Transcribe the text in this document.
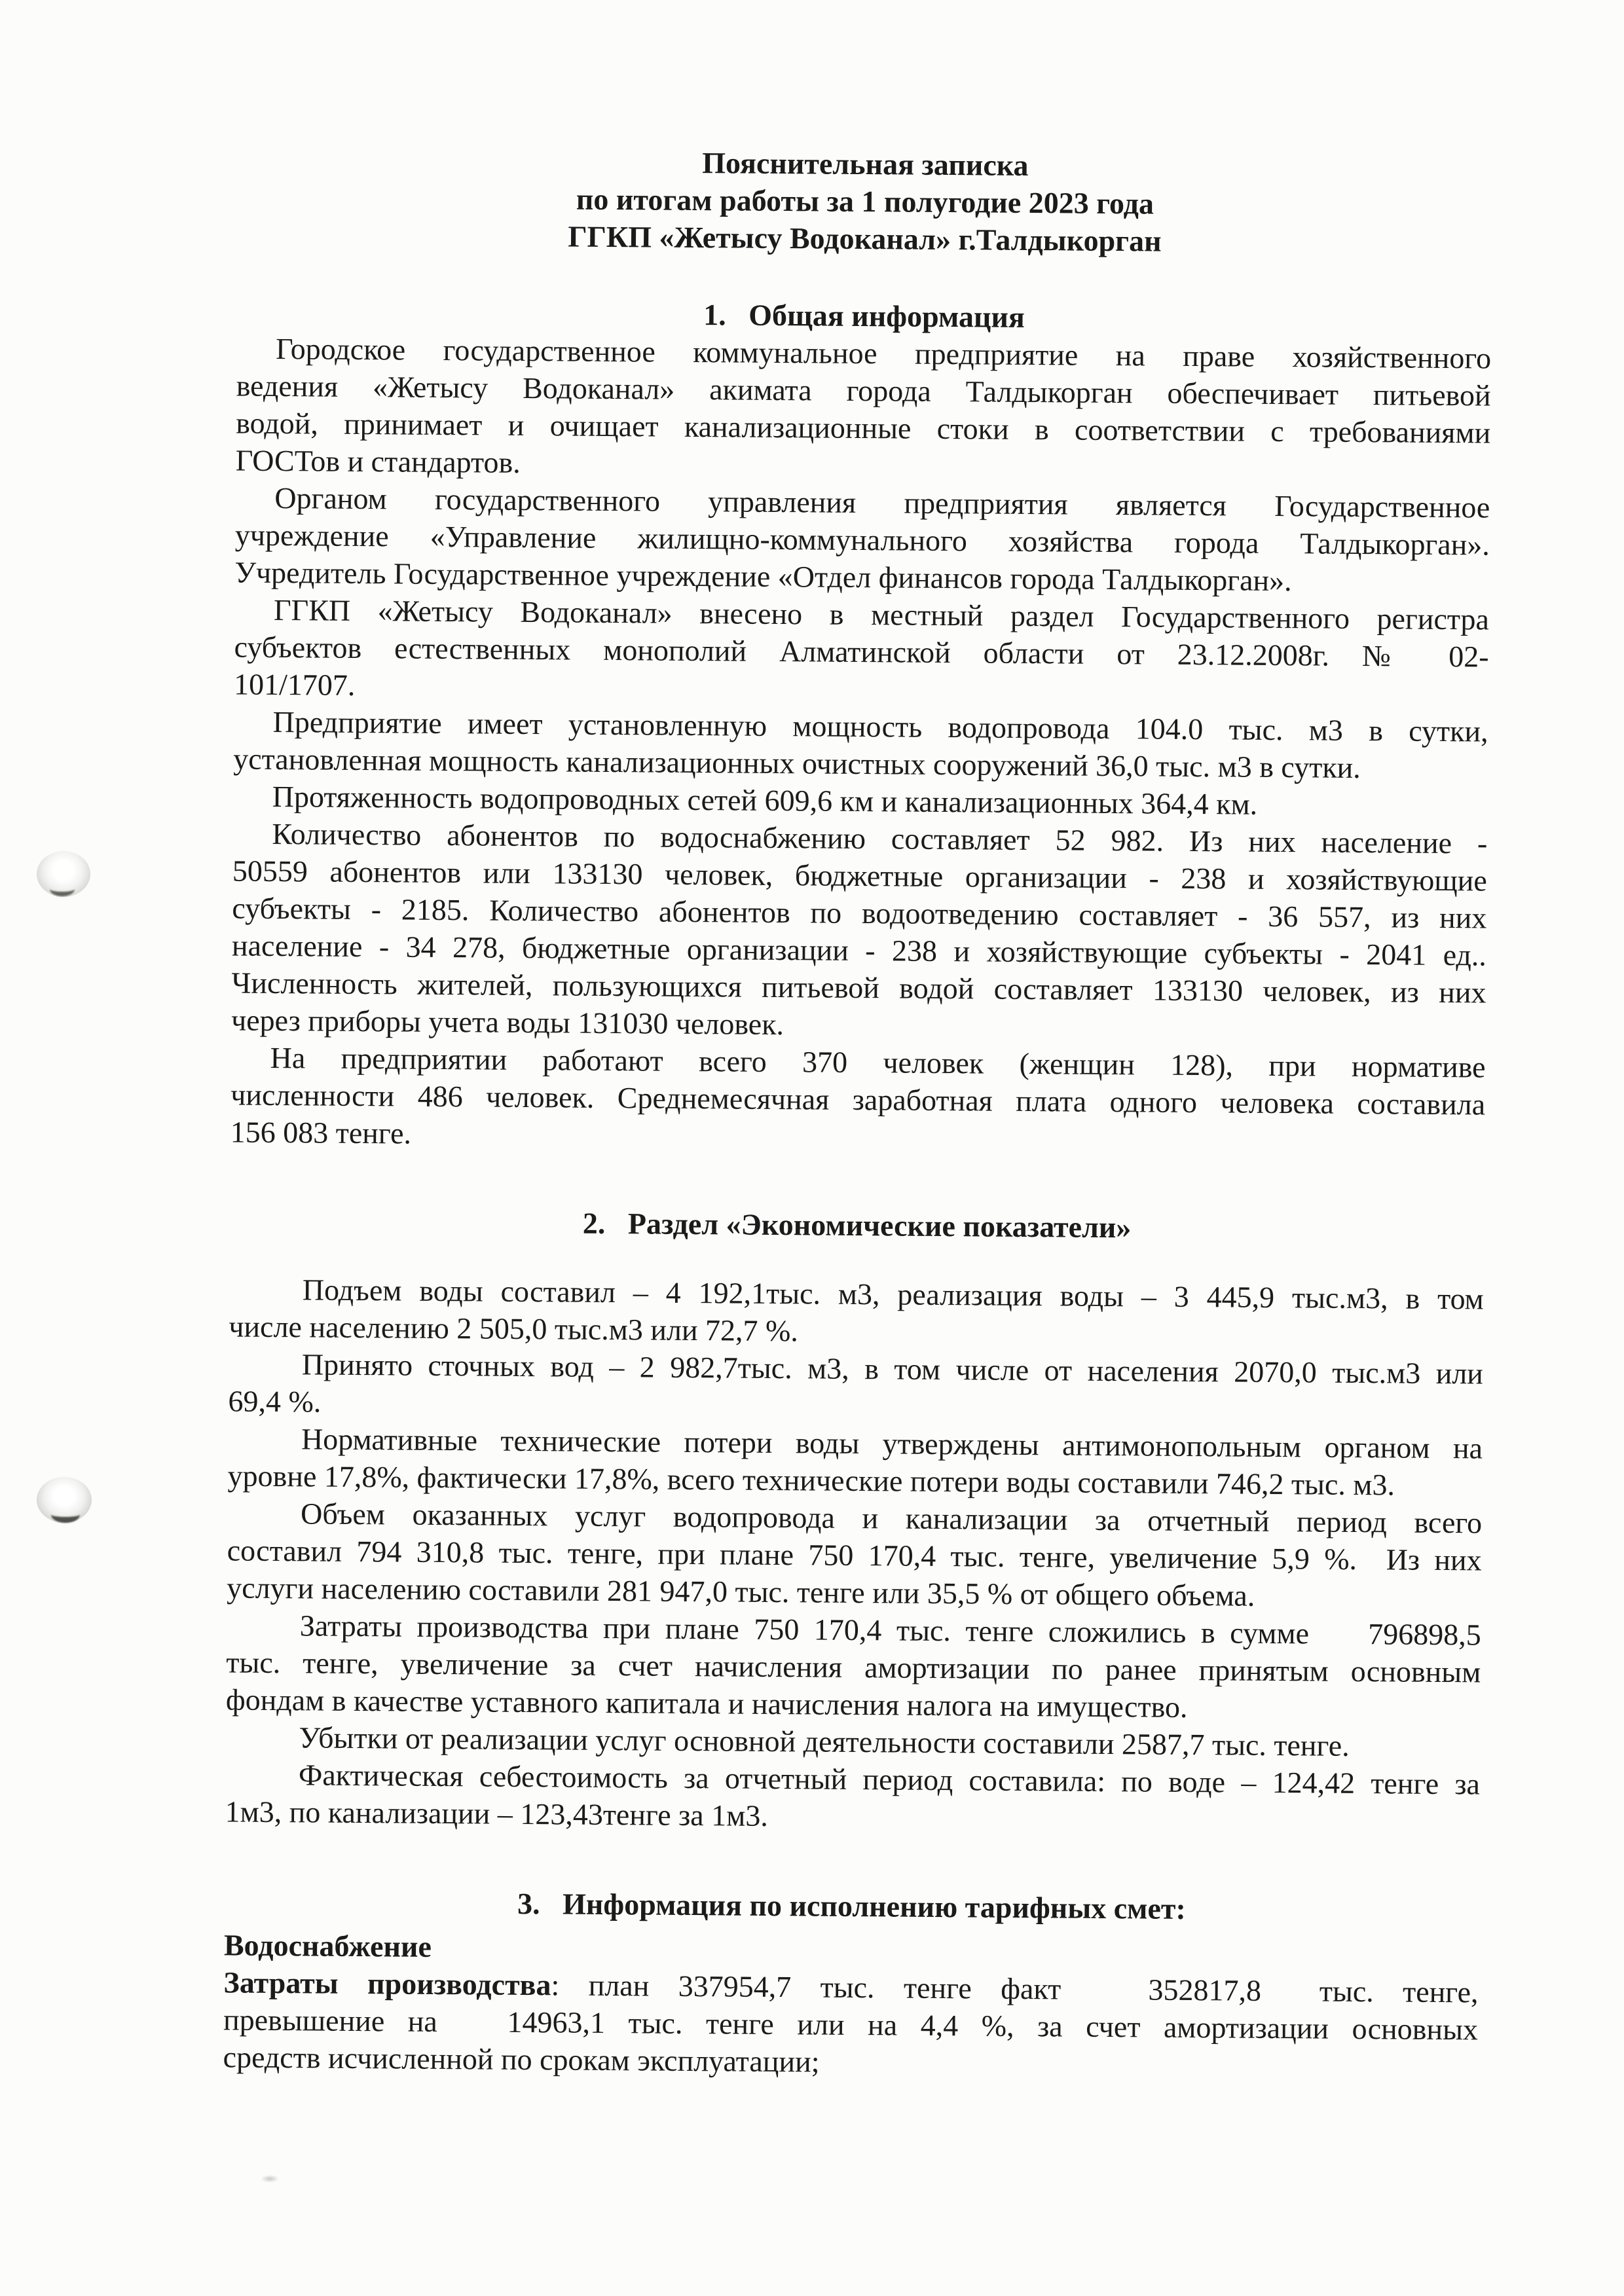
Пояснительная записка
по итогам работы за 1 полугодие 2023 года
ГГКП «Жетысу Водоканал» г.Талдыкорган
1.   Общая информация
Городское государственное коммунальное предприятие на праве хозяйственного
ведения «Жетысу Водоканал» акимата города Талдыкорган обеспечивает питьевой
водой, принимает и очищает канализационные стоки в соответствии с требованиями
ГОСТов и стандартов.
Органом государственного управления предприятия является Государственное
учреждение «Управление жилищно-коммунального хозяйства города Талдыкорган».
Учредитель Государственное учреждение «Отдел финансов города Талдыкорган».
ГГКП «Жетысу Водоканал» внесено в местный раздел Государственного регистра
субъектов естественных монополий Алматинской области от 23.12.2008г. № 02-
101/1707.
Предприятие имеет установленную мощность водопровода 104.0 тыс. м3 в сутки,
установленная мощность канализационных очистных сооружений 36,0 тыс. м3 в сутки.
Протяженность водопроводных сетей 609,6 км и канализационных 364,4 км.
Количество абонентов по водоснабжению составляет 52 982. Из них население -
50559 абонентов или 133130 человек, бюджетные организации - 238 и хозяйствующие
субъекты - 2185. Количество абонентов по водоотведению составляет - 36 557, из них
население - 34 278, бюджетные организации - 238 и хозяйствующие субъекты - 2041 ед..
Численность жителей, пользующихся питьевой водой составляет 133130 человек, из них
через приборы учета воды 131030 человек.
На предприятии работают всего 370 человек (женщин 128), при нормативе
численности 486 человек. Среднемесячная заработная плата одного человека составила
156 083 тенге.
2.   Раздел «Экономические показатели»
Подъем воды составил – 4 192,1тыс. м3, реализация воды – 3 445,9 тыс.м3, в том
числе населению 2 505,0 тыс.м3 или 72,7 %.
Принято сточных вод – 2 982,7тыс. м3, в том числе от населения 2070,0 тыс.м3 или
69,4 %.
Нормативные технические потери воды утверждены антимонопольным органом на
уровне 17,8%, фактически 17,8%, всего технические потери воды составили 746,2 тыс. м3.
Объем оказанных услуг водопровода и канализации за отчетный период всего
составил 794 310,8 тыс. тенге, при плане 750 170,4 тыс. тенге, увеличение 5,9 %.  Из них
услуги населению составили 281 947,0 тыс. тенге или 35,5 % от общего объема.
Затраты производства при плане 750 170,4 тыс. тенге сложились в сумме    796898,5
тыс. тенге, увеличение за счет начисления амортизации по ранее принятым основным
фондам в качестве уставного капитала и начисления налога на имущество.
Убытки от реализации услуг основной деятельности составили 2587,7 тыс. тенге.
Фактическая себестоимость за отчетный период составила: по воде – 124,42 тенге за
1м3, по канализации – 123,43тенге за 1м3.
3.   Информация по исполнению тарифных смет:
Водоснабжение
Затраты производства: план 337954,7 тыс. тенге факт   352817,8  тыс. тенге,
превышение на   14963,1 тыс. тенге или на 4,4 %, за счет амортизации основных
средств исчисленной по срокам эксплуатации;
